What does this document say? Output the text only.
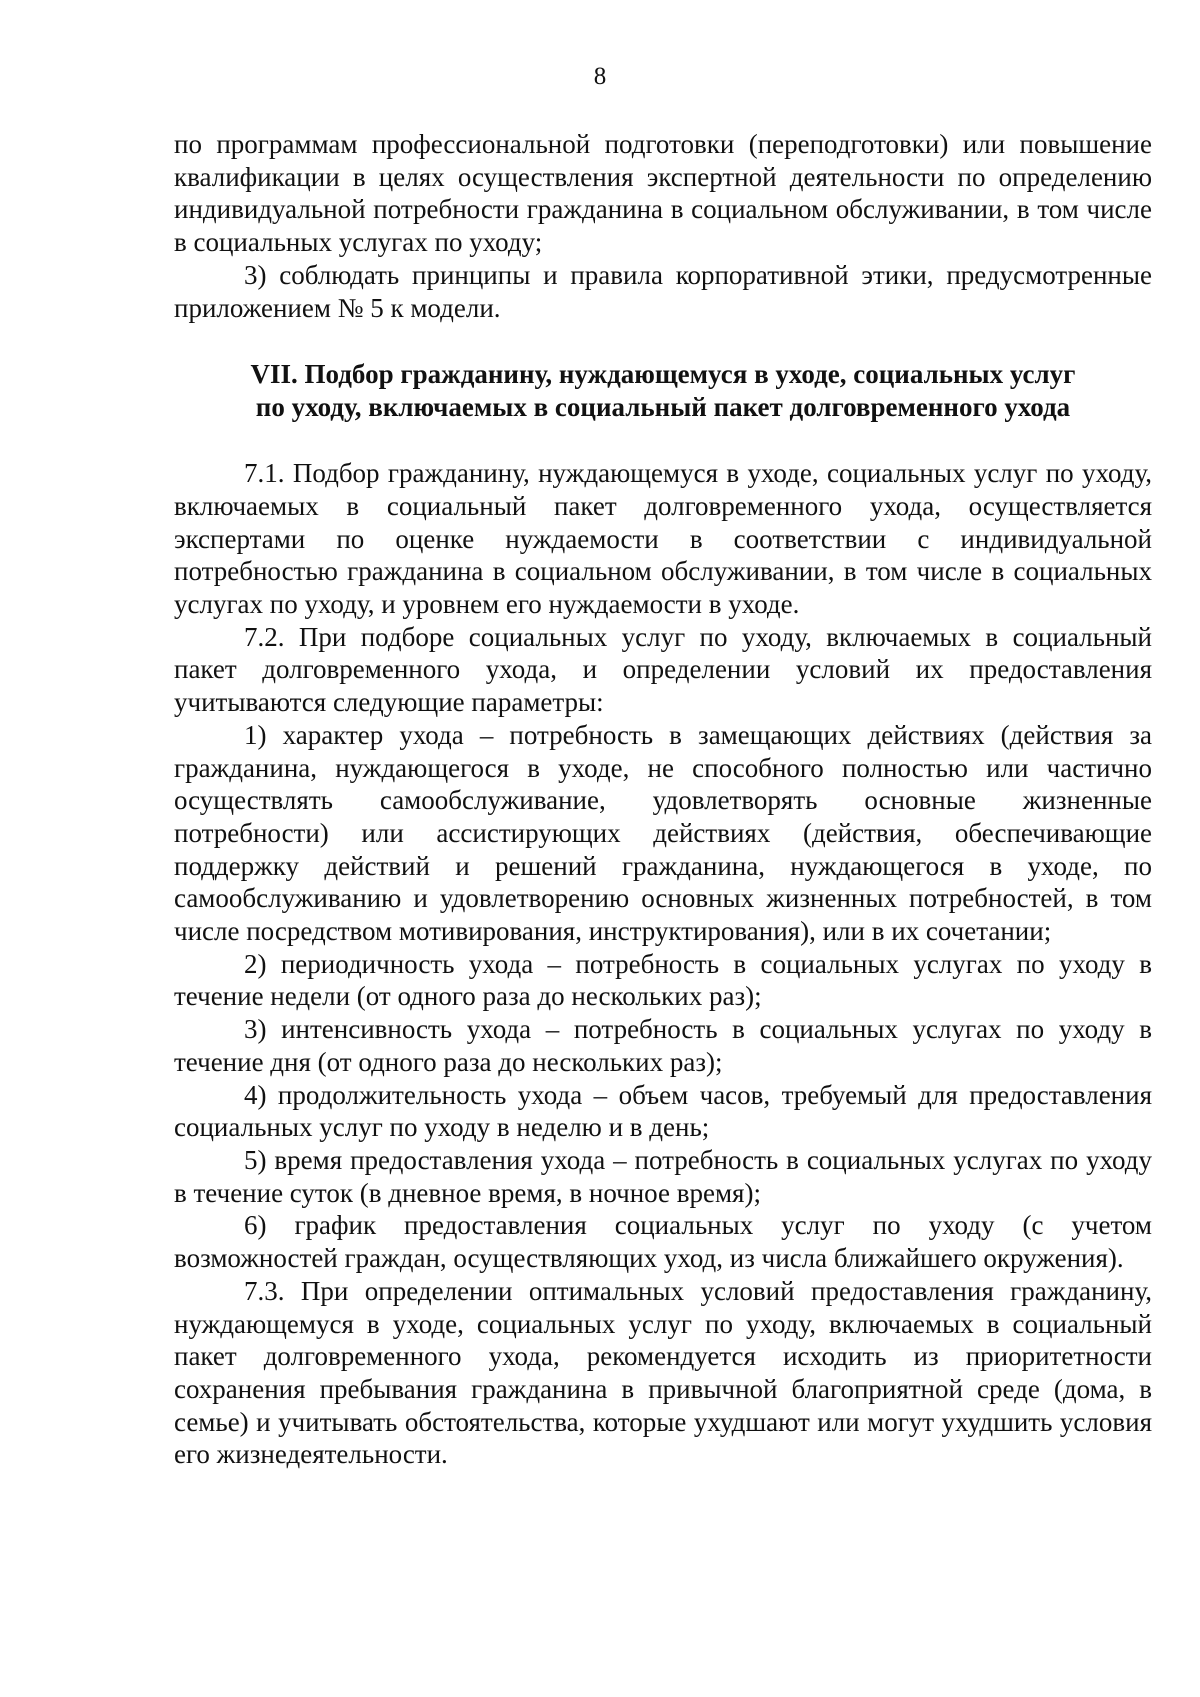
8

по программам профессиональной подготовки (переподготовки) или повышение квалификации в целях осуществления экспертной деятельности по определению индивидуальной потребности гражданина в социальном обслуживании, в том числе в социальных услугах по уходу;

3) соблюдать принципы и правила корпоративной этики, предусмотренные приложением № 5 к модели.

VII. Подбор гражданину, нуждающемуся в уходе, социальных услуг
по уходу, включаемых в социальный пакет долговременного ухода

7.1. Подбор гражданину, нуждающемуся в уходе, социальных услуг по уходу, включаемых в социальный пакет долговременного ухода, осуществляется экспертами по оценке нуждаемости в соответствии с индивидуальной потребностью гражданина в социальном обслуживании, в том числе в социальных услугах по уходу, и уровнем его нуждаемости в уходе.

7.2. При подборе социальных услуг по уходу, включаемых в социальный пакет долговременного ухода, и определении условий их предоставления учитываются следующие параметры:

1) характер ухода – потребность в замещающих действиях (действия за гражданина, нуждающегося в уходе, не способного полностью или частично осуществлять самообслуживание, удовлетворять основные жизненные потребности) или ассистирующих действиях (действия, обеспечивающие поддержку действий и решений гражданина, нуждающегося в уходе, по самообслуживанию и удовлетворению основных жизненных потребностей, в том числе посредством мотивирования, инструктирования), или в их сочетании;

2) периодичность ухода – потребность в социальных услугах по уходу в течение недели (от одного раза до нескольких раз);

3) интенсивность ухода – потребность в социальных услугах по уходу в течение дня (от одного раза до нескольких раз);

4) продолжительность ухода – объем часов, требуемый для предоставления социальных услуг по уходу в неделю и в день;

5) время предоставления ухода – потребность в социальных услугах по уходу в течение суток (в дневное время, в ночное время);

6) график предоставления социальных услуг по уходу (с учетом возможностей граждан, осуществляющих уход, из числа ближайшего окружения).

7.3. При определении оптимальных условий предоставления гражданину, нуждающемуся в уходе, социальных услуг по уходу, включаемых в социальный пакет долговременного ухода, рекомендуется исходить из приоритетности сохранения пребывания гражданина в привычной благоприятной среде (дома, в семье) и учитывать обстоятельства, которые ухудшают или могут ухудшить условия его жизнедеятельности.
